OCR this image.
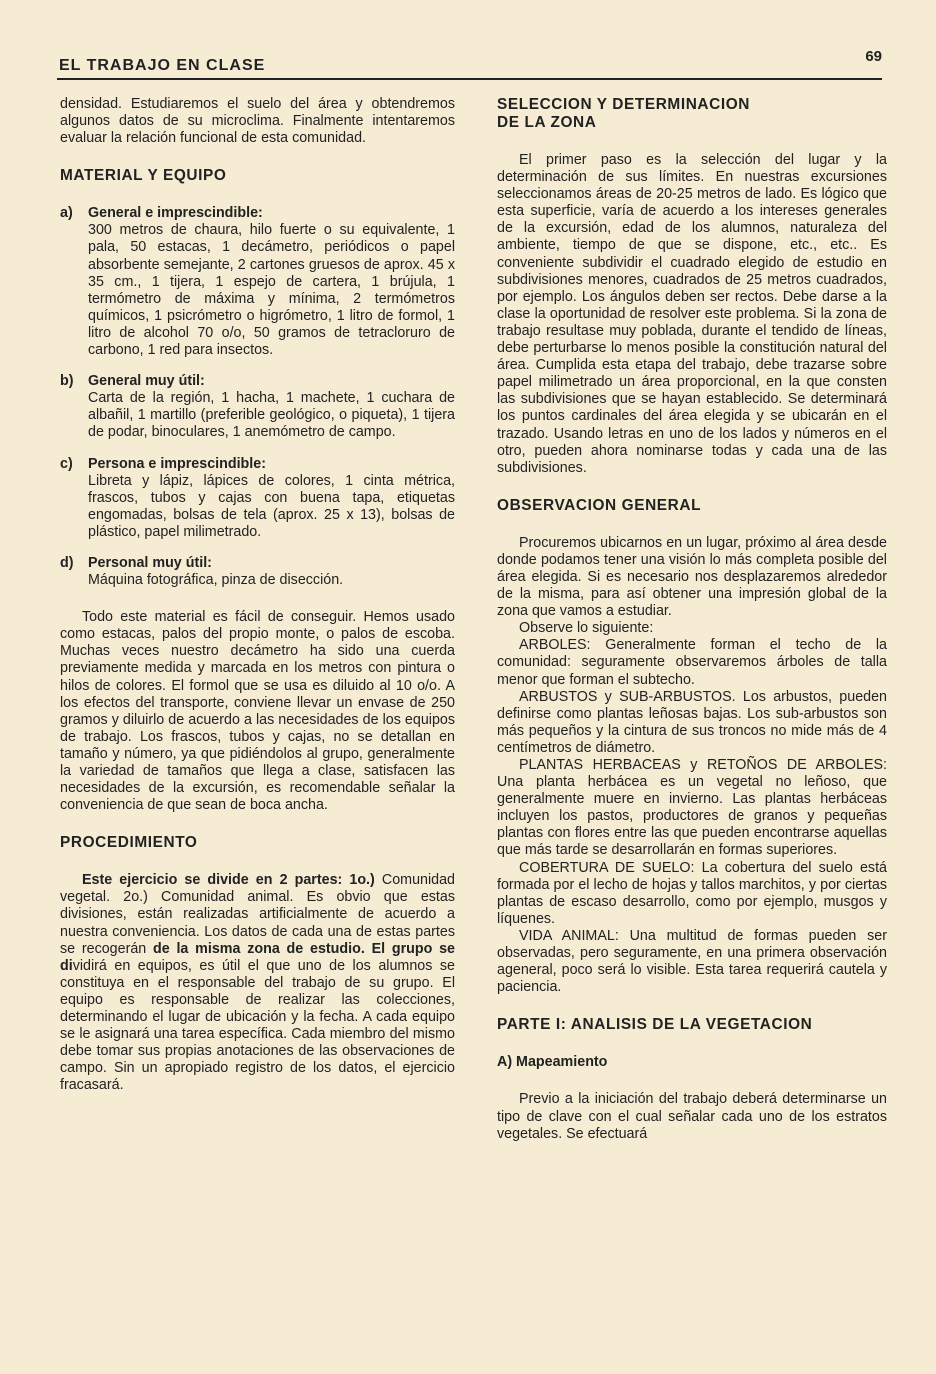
EL TRABAJO EN CLASE
69

densidad. Estudiaremos el suelo del área y obtendremos algunos datos de su microclima. Finalmente intentaremos evaluar la relación funcional de esta comunidad.

MATERIAL Y EQUIPO
a) General e imprescindible:

300 metros de chaura, hilo fuerte o su equivalente, 1 pala, 50 estacas, 1 decámetro, periódicos o papel absorbente semejante, 2 cartones gruesos de aprox. 45 x 35 cm., 1 tijera, 1 espejo de cartera, 1 brújula, 1 termómetro de máxima y mínima, 2 termómetros químicos, 1 psicrómetro o higrómetro, 1 litro de formol, 1 litro de alcohol 70 o/o, 50 gramos de tetracloruro de carbono, 1 red para insectos.

b) General muy útil:

Carta de la región, 1 hacha, 1 machete, 1 cuchara de albañil, 1 martillo (preferible geológico, o piqueta), 1 tijera de podar, binoculares, 1 anemómetro de campo.

c) Persona e imprescindible:

Libreta y lápiz, lápices de colores, 1 cinta métrica, frascos, tubos y cajas con buena tapa, etiquetas engomadas, bolsas de tela (aprox. 25 x 13), bolsas de plástico, papel milimetrado.

d) Personal muy útil:

Máquina fotográfica, pinza de disección.

Todo este material es fácil de conseguir. Hemos usado como estacas, palos del propio monte, o palos de escoba. Muchas veces nuestro decámetro ha sido una cuerda previamente medida y marcada en los metros con pintura o hilos de colores. El formol que se usa es diluido al 10 o/o. A los efectos del transporte, conviene llevar un envase de 250 gramos y diluirlo de acuerdo a las necesidades de los equipos de trabajo. Los frascos, tubos y cajas, no se detallan en tamaño y número, ya que pidiéndolos al grupo, generalmente la variedad de tamaños que llega a clase, satisfacen las necesidades de la excursión, es recomendable señalar la conveniencia de que sean de boca ancha.

PROCEDIMIENTO

Este ejercicio se divide en 2 partes: 1o.) Comunidad vegetal. 2o.) Comunidad animal. Es obvio que estas divisiones, están realizadas artificialmente de acuerdo a nuestra conveniencia. Los datos de cada una de estas partes se recogerán de la misma zona de estudio. El grupo se dividirá en equipos, es útil el que uno de los alumnos se constituya en el responsable del trabajo de su grupo. El equipo es responsable de realizar las colecciones, determinando el lugar de ubicación y la fecha. A cada equipo se le asignará una tarea específica. Cada miembro del mismo debe tomar sus propias anotaciones de las observaciones de campo. Sin un apropiado registro de los datos, el ejercicio fracasará.

SELECCION Y DETERMINACION
DE LA ZONA

El primer paso es la selección del lugar y la determinación de sus límites. En nuestras excursiones seleccionamos áreas de 20-25 metros de lado. Es lógico que esta superficie, varía de acuerdo a los intereses generales de la excursión, edad de los alumnos, naturaleza del ambiente, tiempo de que se dispone, etc., etc.. Es conveniente subdividir el cuadrado elegido de estudio en subdivisiones menores, cuadrados de 25 metros cuadrados, por ejemplo. Los ángulos deben ser rectos. Debe darse a la clase la oportunidad de resolver este problema. Si la zona de trabajo resultase muy poblada, durante el tendido de líneas, debe perturbarse lo menos posible la constitución natural del área. Cumplida esta etapa del trabajo, debe trazarse sobre papel milimetrado un área proporcional, en la que consten las subdivisiones que se hayan establecido. Se determinará los puntos cardinales del área elegida y se ubicarán en el trazado. Usando letras en uno de los lados y números en el otro, pueden ahora nominarse todas y cada una de las subdivisiones.

OBSERVACION GENERAL

Procuremos ubicarnos en un lugar, próximo al área desde donde podamos tener una visión lo más completa posible del área elegida. Si es necesario nos desplazaremos alrededor de la misma, para así obtener una impresión global de la zona que vamos a estudiar.

Observe lo siguiente:

ARBOLES: Generalmente forman el techo de la comunidad: seguramente observaremos árboles de talla menor que forman el subtecho.

ARBUSTOS y SUB-ARBUSTOS. Los arbustos, pueden definirse como plantas leñosas bajas. Los sub-arbustos son más pequeños y la cintura de sus troncos no mide más de 4 centímetros de diámetro.

PLANTAS HERBACEAS y RETOÑOS DE ARBOLES: Una planta herbácea es un vegetal no leñoso, que generalmente muere en invierno. Las plantas herbáceas incluyen los pastos, productores de granos y pequeñas plantas con flores entre las que pueden encontrarse aquellas que más tarde se desarrollarán en formas superiores.

COBERTURA DE SUELO: La cobertura del suelo está formada por el lecho de hojas y tallos marchitos, y por ciertas plantas de escaso desarrollo, como por ejemplo, musgos y líquenes.

VIDA ANIMAL: Una multitud de formas pueden ser observadas, pero seguramente, en una primera observación ageneral, poco será lo visible. Esta tarea requerirá cautela y paciencia.

PARTE I: ANALISIS DE LA VEGETACION
A) Mapeamiento

Previo a la iniciación del trabajo deberá determinarse un tipo de clave con el cual señalar cada uno de los estratos vegetales. Se efectuará
